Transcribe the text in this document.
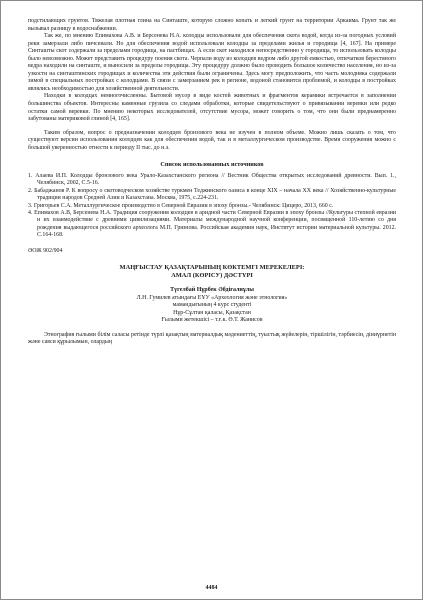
подстилающих грунтов. Тяжелая плотная глина на Синташте, которую сложно копать и легкий грунт на территории Аркаима. Грунт так же вызывал разницу в водоснабжении.

Так же, по мнению Епимахова А.В. и Берсенева Н.А. колодцы использовали для обеспечения скота водой, когда из-за погодных условий реки замерзали либо пичсевали. Но для обеспечения водой использовали колодцы за пределами жилья и городища [4, 167]. На примере Синташты скот содержали за пределами городища, на пастбищах. А если скот находился непосредственно у городища, то использовать колодцы было невозможно. Может представить процедуру поения скота. Черпали воду из колодцев ведром либо другой емкостью, отпечатков берестяного ведра находили на синташте, и выносили за пределы городища. Эту процедуру должно было проводить большое количество населения, но из-за узкости на синташтинских городищах и количества эти действия были ограничены. Здесь могу предположить, что часть молодняка содержали зимой в специальных постройках с колодцами. В связи с замерзанием рек в регионе, водоной становится проблемой, и колодцы в постройках являлись необходимостью для хозяйственной деятельности.

Находки в колодцах немногочисленны. Бытовой мусор в виде костей животных и фрагментов керамики встречается в заполнении большинства объектов. Интересны каменные грузила со следами обработки, которые свидетельствуют о привязывании веревки или редко остатки самой веревки. По мнению некоторых исследователей, отсутствие мусора, может говорить о том, что они были преднамеренно забутованы материковой глиной [4, 165].

Таким образом, вопрос о предназначении колодцев бронзового века не изучен в полном объеме. Можно лишь сказать о том, что существуют версии использования колодцев как для обеспечения водой, так и в металлургическом производстве. Время сооружения можно с большой уверенностью отнести к периоду II тыс. до н.э.

Список использованных источников
1. Алаева И.П. Колодцы бронзового века Урало-Казахстанского региона // Вестник Общества открытых исследований древности. Вып. 1., Челябинск, 2002, С.5-16.
2. Бабаджанов Р. К вопросу о скотоводческом хозяйстве туркмен Теджинского оазиса в конце XIX – начала XX века // Хозяйственно-культурные традиции народов Средней Азии и Казахстана. Москва, 1975, с.224-231.
3. Григорьев С.А. Металлургическое производство в Северной Евразии в эпоху бронзы.- Челябинск: Цицеро, 2013, 660 с.
4. Епимахов А.В, Берсенева Н.А. Традиция сооружения колодцев в аридной части Северной Евразии в эпоху бронзы //Культуры степной евразии и их взаимодействие с древними цивилизациями. Материалы международной научной конференции, посвященной 110-летию со дня рождения выдающегося российского археолога М.П. Грязнова. Российская академия наук, Институт истории материальной культуры. 2012. С.164-168.
ӘОЖ 902/904
МАҢҒЫСТАУ ҚАЗАҚТАРЫНЫҢ КӨКТЕМГІ МЕРЕКЕЛЕРІ:
АМАЛ (КӨРІСУ) ДӘСТҮРІ
Түгелбай Нұрбек Әбдіғалиұлы
Л.Н. Гумилев атындағы ЕҰУ «Археология және этнология»
мамандығының 4 курс студенті
Нұр-Сұлтан қаласы, Қазақстан
Ғылыми жетекшісі – т.ғ.к. Ө.Т. Жанисов

Этнография ғылыми білім саласы ретінде түрлі қазақтың материалдық мәдениеттің, туыстық жүйелерін, тіршілігін, тәрбиесін, діниүрнетін және савси құрылымын, олардың

4484
